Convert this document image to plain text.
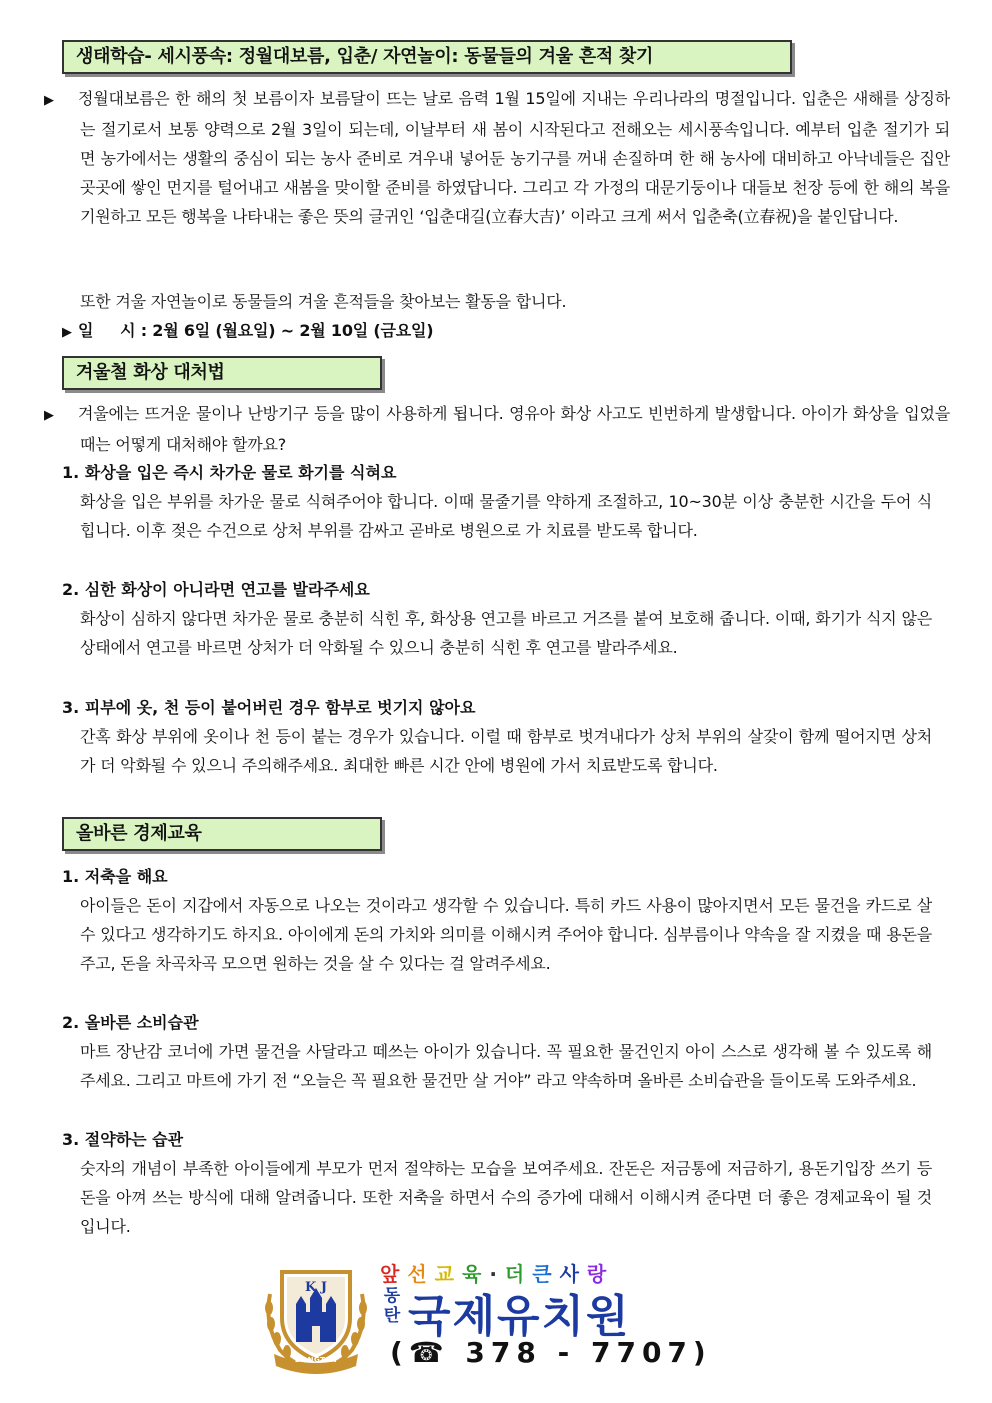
생태학습- 세시풍속: 정월대보름, 입춘/ 자연놀이: 동물들의 겨울 흔적 찾기
▶ 정월대보름은 한 해의 첫 보름이자 보름달이 뜨는 날로 음력 1월 15일에 지내는 우리나라의 명절입니다. 입춘은 새해를 상징하는 절기로서 보통 양력으로 2월 3일이 되는데, 이날부터 새 봄이 시작된다고 전해오는 세시풍속입니다. 예부터 입춘 절기가 되면 농가에서는 생활의 중심이 되는 농사 준비로 겨우내 넣어둔 농기구를 꺼내 손질하며 한 해 농사에 대비하고 아낙네들은 집안 곳곳에 쌓인 먼지를 털어내고 새봄을 맞이할 준비를 하였답니다. 그리고 각 가정의 대문기둥이나 대들보 천장 등에 한 해의 복을 기원하고 모든 행복을 나타내는 좋은 뜻의 글귀인 ‘입춘대길(立春大吉)’ 이라고 크게 써서 입춘축(立春祝)을 붙인답니다.
또한 겨울 자연놀이로 동물들의 겨울 흔적들을 찾아보는 활동을 합니다.
▶ 일     시 : 2월 6일 (월요일) ~ 2월 10일 (금요일)
겨울철 화상 대처법
▶ 겨울에는 뜨거운 물이나 난방기구 등을 많이 사용하게 됩니다. 영유아 화상 사고도 빈번하게 발생합니다. 아이가 화상을 입었을 때는 어떻게 대처해야 할까요?
1. 화상을 입은 즉시 차가운 물로 화기를 식혀요
화상을 입은 부위를 차가운 물로 식혀주어야 합니다. 이때 물줄기를 약하게 조절하고, 10~30분 이상 충분한 시간을 두어 식힙니다. 이후 젖은 수건으로 상처 부위를 감싸고 곧바로 병원으로 가 치료를 받도록 합니다.
2. 심한 화상이 아니라면 연고를 발라주세요
화상이 심하지 않다면 차가운 물로 충분히 식힌 후, 화상용 연고를 바르고 거즈를 붙여 보호해 줍니다. 이때, 화기가 식지 않은 상태에서 연고를 바르면 상처가 더 악화될 수 있으니 충분히 식힌 후 연고를 발라주세요.
3. 피부에 옷, 천 등이 붙어버린 경우 함부로 벗기지 않아요
간혹 화상 부위에 옷이나 천 등이 붙는 경우가 있습니다. 이럴 때 함부로 벗겨내다가 상처 부위의 살갗이 함께 떨어지면 상처가 더 악화될 수 있으니 주의해주세요. 최대한 빠른 시간 안에 병원에 가서 치료받도록 합니다.
올바른 경제교육
1. 저축을 해요
아이들은 돈이 지갑에서 자동으로 나오는 것이라고 생각할 수 있습니다. 특히 카드 사용이 많아지면서 모든 물건을 카드로 살 수 있다고 생각하기도 하지요. 아이에게 돈의 가치와 의미를 이해시켜 주어야 합니다. 심부름이나 약속을 잘 지켰을 때 용돈을 주고, 돈을 차곡차곡 모으면 원하는 것을 살 수 있다는 걸 알려주세요.
2. 올바른 소비습관
마트 장난감 코너에 가면 물건을 사달라고 떼쓰는 아이가 있습니다. 꼭 필요한 물건인지 아이 스스로 생각해 볼 수 있도록 해주세요. 그리고 마트에 가기 전 “오늘은 꼭 필요한 물건만 살 거야” 라고 약속하며 올바른 소비습관을 들이도록 도와주세요.
3. 절약하는 습관
숫자의 개념이 부족한 아이들에게 부모가 먼저 절약하는 모습을 보여주세요. 잔돈은 저금통에 저금하기, 용돈기입장 쓰기 등 돈을 아껴 쓰는 방식에 대해 알려줍니다. 또한 저축을 하면서 수의 증가에 대해서 이해시켜 준다면 더 좋은 경제교육이 될 것입니다.
K J
DONGTAN
앞선교육·더큰사랑
동탄 국제유치원
(☎ 378 - 7707)
